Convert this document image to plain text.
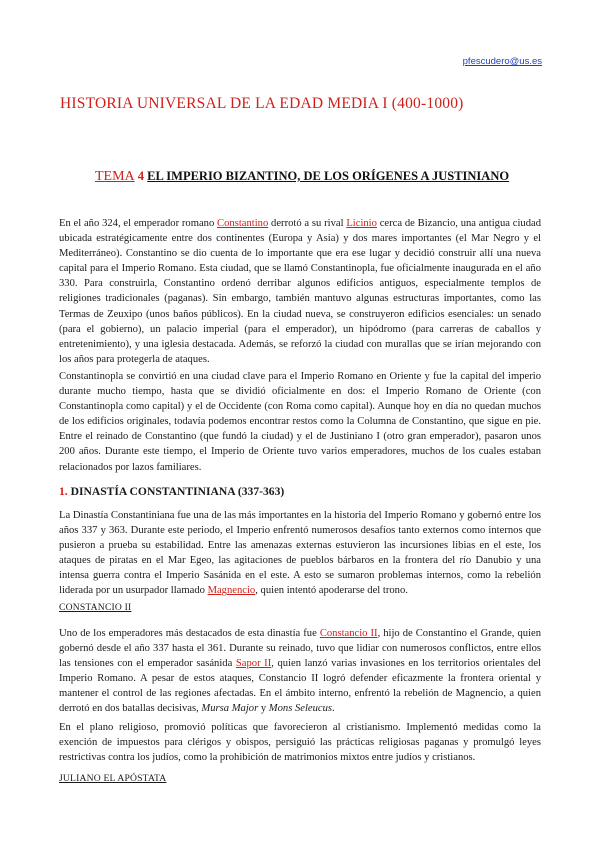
pfescudero@us.es
HISTORIA UNIVERSAL DE LA EDAD MEDIA I (400-1000)
TEMA 4 EL IMPERIO BIZANTINO, DE LOS ORÍGENES A JUSTINIANO

En el año 324, el emperador romano Constantino derrotó a su rival Licinio cerca de Bizancio, una antigua ciudad ubicada estratégicamente entre dos continentes (Europa y Asia) y dos mares importantes (el Mar Negro y el Mediterráneo). Constantino se dio cuenta de lo importante que era ese lugar y decidió construir allí una nueva capital para el Imperio Romano. Esta ciudad, que se llamó Constantinopla, fue oficialmente inaugurada en el año 330. Para construirla, Constantino ordenó derribar algunos edificios antiguos, especialmente templos de religiones tradicionales (paganas). Sin embargo, también mantuvo algunas estructuras importantes, como las Termas de Zeuxipo (unos baños públicos). En la ciudad nueva, se construyeron edificios esenciales: un senado (para el gobierno), un palacio imperial (para el emperador), un hipódromo (para carreras de caballos y entretenimiento), y una iglesia destacada. Además, se reforzó la ciudad con murallas que se irían mejorando con los años para protegerla de ataques.

Constantinopla se convirtió en una ciudad clave para el Imperio Romano en Oriente y fue la capital del imperio durante mucho tiempo, hasta que se dividió oficialmente en dos: el Imperio Romano de Oriente (con Constantinopla como capital) y el de Occidente (con Roma como capital). Aunque hoy en día no quedan muchos de los edificios originales, todavía podemos encontrar restos como la Columna de Constantino, que sigue en pie. Entre el reinado de Constantino (que fundó la ciudad) y el de Justiniano I (otro gran emperador), pasaron unos 200 años. Durante este tiempo, el Imperio de Oriente tuvo varios emperadores, muchos de los cuales estaban relacionados por lazos familiares.

1. DINASTÍA CONSTANTINIANA (337-363)

La Dinastía Constantiniana fue una de las más importantes en la historia del Imperio Romano y gobernó entre los años 337 y 363. Durante este periodo, el Imperio enfrentó numerosos desafíos tanto externos como internos que pusieron a prueba su estabilidad. Entre las amenazas externas estuvieron las incursiones libias en el este, los ataques de piratas en el Mar Egeo, las agitaciones de pueblos bárbaros en la frontera del río Danubio y una intensa guerra contra el Imperio Sasánida en el este. A esto se sumaron problemas internos, como la rebelión liderada por un usurpador llamado Magnencio, quien intentó apoderarse del trono.

CONSTANCIO II

Uno de los emperadores más destacados de esta dinastía fue Constancio II, hijo de Constantino el Grande, quien gobernó desde el año 337 hasta el 361. Durante su reinado, tuvo que lidiar con numerosos conflictos, entre ellos las tensiones con el emperador sasánida Sapor II, quien lanzó varias invasiones en los territorios orientales del Imperio Romano. A pesar de estos ataques, Constancio II logró defender eficazmente la frontera oriental y mantener el control de las regiones afectadas. En el ámbito interno, enfrentó la rebelión de Magnencio, a quien derrotó en dos batallas decisivas, Mursa Major y Mons Seleucus.

En el plano religioso, promovió políticas que favorecieron al cristianismo. Implementó medidas como la exención de impuestos para clérigos y obispos, persiguió las prácticas religiosas paganas y promulgó leyes restrictivas contra los judíos, como la prohibición de matrimonios mixtos entre judíos y cristianos.

JULIANO EL APÓSTATA
